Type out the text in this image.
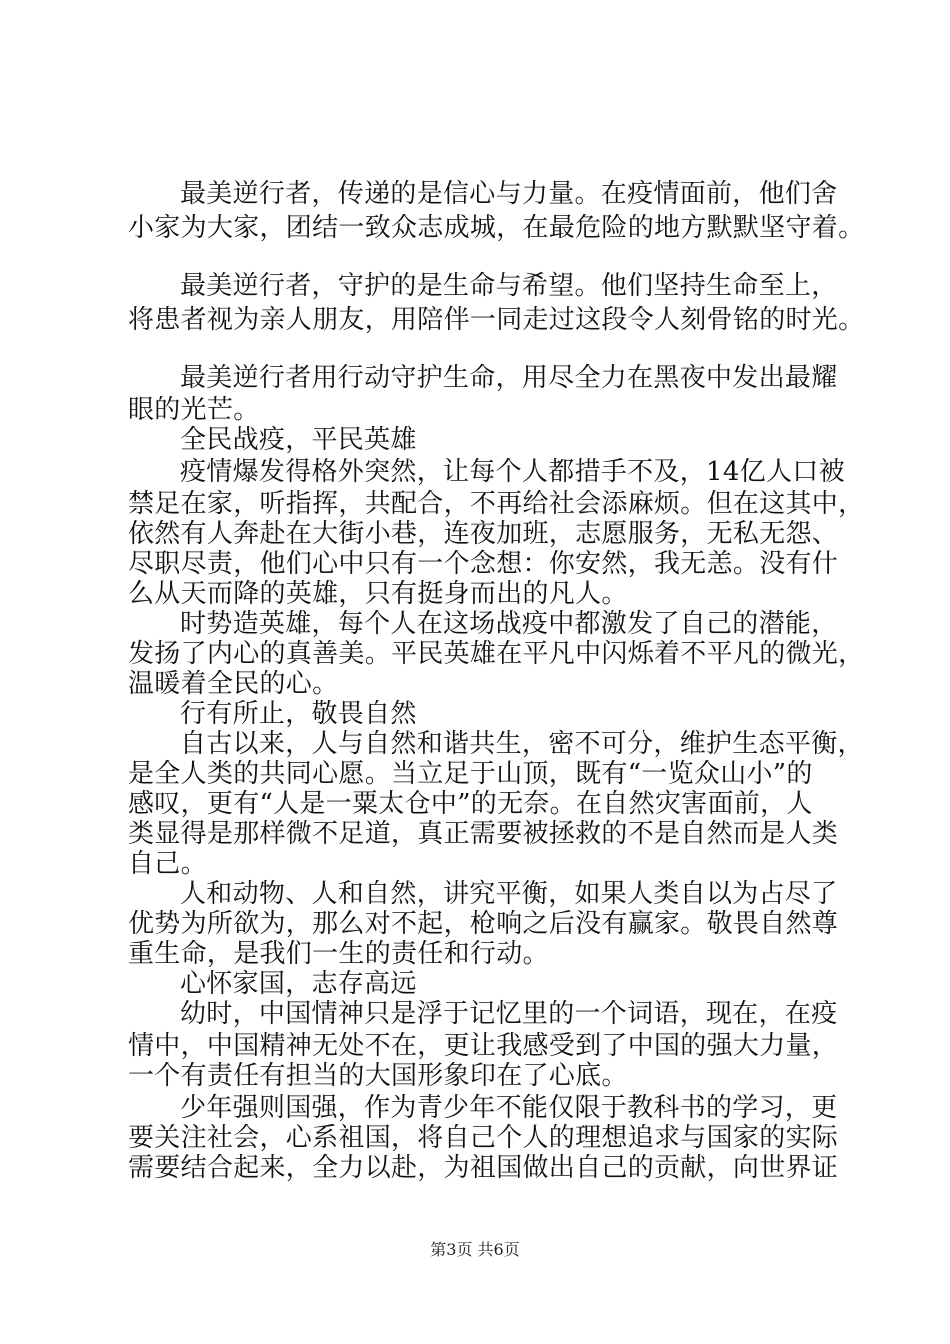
最美逆行者，传递的是信心与力量。在疫情面前，他们舍
小家为大家，团结一致众志成城，在最危险的地方默默坚守着。
最美逆行者，守护的是生命与希望。他们坚持生命至上，
将患者视为亲人朋友，用陪伴一同走过这段令人刻骨铭的时光。
最美逆行者用行动守护生命，用尽全力在黑夜中发出最耀
眼的光芒。
全民战疫，平民英雄
疫情爆发得格外突然，让每个人都措手不及，14亿人口被
禁足在家，听指挥，共配合，不再给社会添麻烦。但在这其中，
依然有人奔赴在大街小巷，连夜加班，志愿服务，无私无怨、
尽职尽责，他们心中只有一个念想：你安然，我无恙。没有什
么从天而降的英雄，只有挺身而出的凡人。
时势造英雄，每个人在这场战疫中都激发了自己的潜能，
发扬了内心的真善美。平民英雄在平凡中闪烁着不平凡的微光，
温暖着全民的心。
行有所止，敬畏自然
自古以来，人与自然和谐共生，密不可分，维护生态平衡，
是全人类的共同心愿。当立足于山顶，既有“一览众山小”的
感叹，更有“人是一粟太仓中”的无奈。在自然灾害面前，人
类显得是那样微不足道，真正需要被拯救的不是自然而是人类
自己。
人和动物、人和自然，讲究平衡，如果人类自以为占尽了
优势为所欲为，那么对不起，枪响之后没有赢家。敬畏自然尊
重生命，是我们一生的责任和行动。
心怀家国，志存高远
幼时，中国情神只是浮于记忆里的一个词语，现在，在疫
情中，中国精神无处不在，更让我感受到了中国的强大力量，
一个有责任有担当的大国形象印在了心底。
少年强则国强，作为青少年不能仅限于教科书的学习，更
要关注社会，心系祖国，将自己个人的理想追求与国家的实际
需要结合起来，全力以赴，为祖国做出自己的贡献，向世界证
第3页 共6页
